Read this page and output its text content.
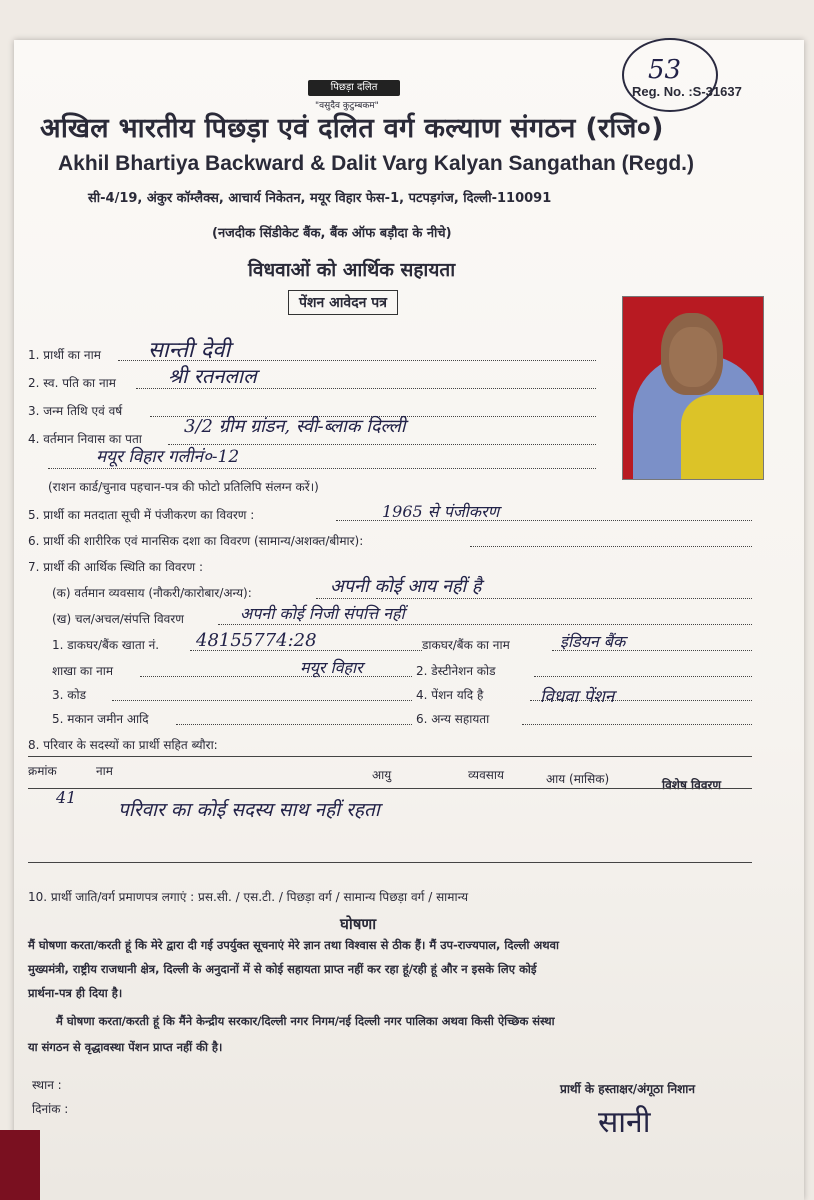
पिछड़ा दलित
"वसुदैव कुटुम्बकम"
53
Reg. No. :S-31637
अखिल भारतीय पिछड़ा एवं दलित वर्ग कल्याण संगठन (रजि०)
Akhil Bhartiya Backward & Dalit Varg Kalyan Sangathan (Regd.)
सी-4/19, अंकुर कॉम्लैक्स, आचार्य निकेतन, मयूर विहार फेस-1, पटपड़गंज, दिल्ली-110091
(नजदीक सिंडीकेट बैंक, बैंक ऑफ बड़ौदा के नीचे)
विधवाओं को आर्थिक सहायता
पेंशन आवेदन पत्र
1. प्रार्थी का नाम सान्ती देवी
2. स्व. पति का नाम	श्री रतनलाल
3. जन्म तिथि एवं वर्ष
4. वर्तमान निवास का पता
3/2 ग्रीम ग्रांडन, स्वी-ब्लाक दिल्ली
मयूर विहार गलीनं०-12
(राशन कार्ड/चुनाव पहचान-पत्र की फोटो प्रतिलिपि संलग्न करें।)
5. प्रार्थी का मतदाता सूची में पंजीकरण का विवरण :	1965 से पंजीकरण
6. प्रार्थी की शारीरिक एवं मानसिक दशा का विवरण (सामान्य/अशक्त/बीमार):
7. प्रार्थी की आर्थिक स्थिति का विवरण :
(क) वर्तमान व्यवसाय (नौकरी/कारोबार/अन्य):	अपनी कोई आय नहीं है
(ख) चल/अचल/संपत्ति विवरण	अपनी कोई निजी संपत्ति नहीं
1. डाकघर/बैंक खाता नं. 48155774:28	डाकघर/बैंक का नाम	इंडियन बैंक
शाखा का नाम	मयूर विहार	2. डेस्टीनेशन कोड
3. कोड	4. पेंशन यदि है	विधवा पेंशन
5. मकान जमीन आदि	6. अन्य सहायता
8. परिवार के सदस्यों का प्रार्थी सहित ब्यौरा:
क्रमांक	नाम	आयु	व्यवसाय	आय (मासिक)	विशेष विवरण
41
परिवार का कोई सदस्य साथ नहीं रहता
10. प्रार्थी जाति/वर्ग प्रमाणपत्र लगाएं : प्रस.सी. / एस.टी. / पिछड़ा वर्ग / सामान्य पिछड़ा वर्ग / सामान्य
घोषणा
मैं घोषणा करता/करती हूं कि मेरे द्वारा दी गई उपर्युक्त सूचनाएं मेरे ज्ञान तथा विश्वास से ठीक हैं। मैं उप-राज्यपाल, दिल्ली अथवा
मुख्यमंत्री, राष्ट्रीय राजधानी क्षेत्र, दिल्ली के अनुदानों में से कोई सहायता प्राप्त नहीं कर रहा हूं/रही हूं और न इसके लिए कोई
प्रार्थना-पत्र ही दिया है।
मैं घोषणा करता/करती हूं कि मैंने केन्द्रीय सरकार/दिल्ली नगर निगम/नई दिल्ली नगर पालिका अथवा किसी ऐच्छिक संस्था
या संगठन से वृद्धावस्था पेंशन प्राप्त नहीं की है।
स्थान :
दिनांक :
प्रार्थी के हस्ताक्षर/अंगूठा निशान
सानी
